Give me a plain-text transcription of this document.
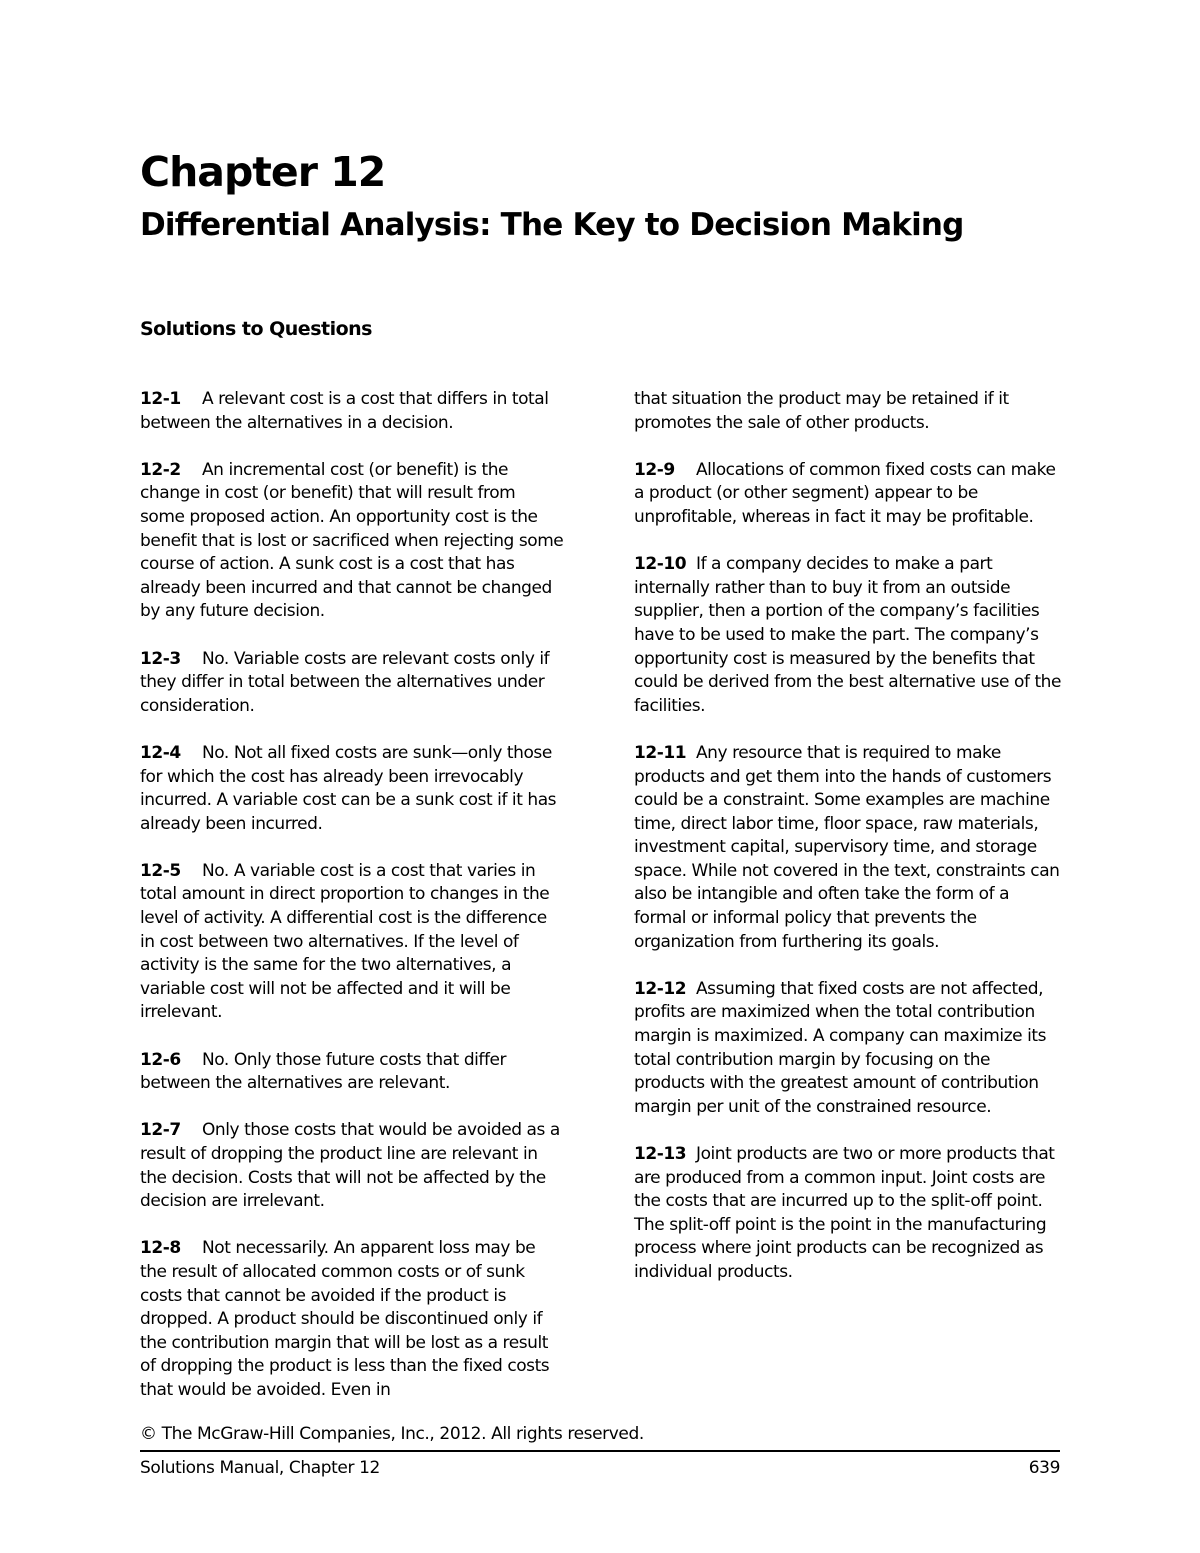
Chapter 12
Differential Analysis: The Key to Decision Making
Solutions to Questions

12-1 A relevant cost is a cost that differs in total between the alternatives in a decision.

12-2 An incremental cost (or benefit) is the change in cost (or benefit) that will result from some proposed action. An opportunity cost is the benefit that is lost or sacrificed when rejecting some course of action. A sunk cost is a cost that has already been incurred and that cannot be changed by any future decision.

12-3 No. Variable costs are relevant costs only if they differ in total between the alternatives under consideration.

12-4 No. Not all fixed costs are sunk—only those for which the cost has already been irrevocably incurred. A variable cost can be a sunk cost if it has already been incurred.

12-5 No. A variable cost is a cost that varies in total amount in direct proportion to changes in the level of activity. A differential cost is the difference in cost between two alternatives. If the level of activity is the same for the two alternatives, a variable cost will not be affected and it will be irrelevant.

12-6 No. Only those future costs that differ between the alternatives are relevant.

12-7 Only those costs that would be avoided as a result of dropping the product line are relevant in the decision. Costs that will not be affected by the decision are irrelevant.

12-8 Not necessarily. An apparent loss may be the result of allocated common costs or of sunk costs that cannot be avoided if the product is dropped. A product should be discontinued only if the contribution margin that will be lost as a result of dropping the product is less than the fixed costs that would be avoided. Even in

that situation the product may be retained if it promotes the sale of other products.

12-9 Allocations of common fixed costs can make a product (or other segment) appear to be unprofitable, whereas in fact it may be profitable.

12-10 If a company decides to make a part internally rather than to buy it from an outside supplier, then a portion of the company’s facilities have to be used to make the part. The company’s opportunity cost is measured by the benefits that could be derived from the best alternative use of the facilities.

12-11 Any resource that is required to make products and get them into the hands of customers could be a constraint. Some examples are machine time, direct labor time, floor space, raw materials, investment capital, supervisory time, and storage space. While not covered in the text, constraints can also be intangible and often take the form of a formal or informal policy that prevents the organization from furthering its goals.

12-12 Assuming that fixed costs are not affected, profits are maximized when the total contribution margin is maximized. A company can maximize its total contribution margin by focusing on the products with the greatest amount of contribution margin per unit of the constrained resource.

12-13 Joint products are two or more products that are produced from a common input. Joint costs are the costs that are incurred up to the split-off point. The split-off point is the point in the manufacturing process where joint products can be recognized as individual products.

© The McGraw-Hill Companies, Inc., 2012. All rights reserved.
Solutions Manual, Chapter 12	639
